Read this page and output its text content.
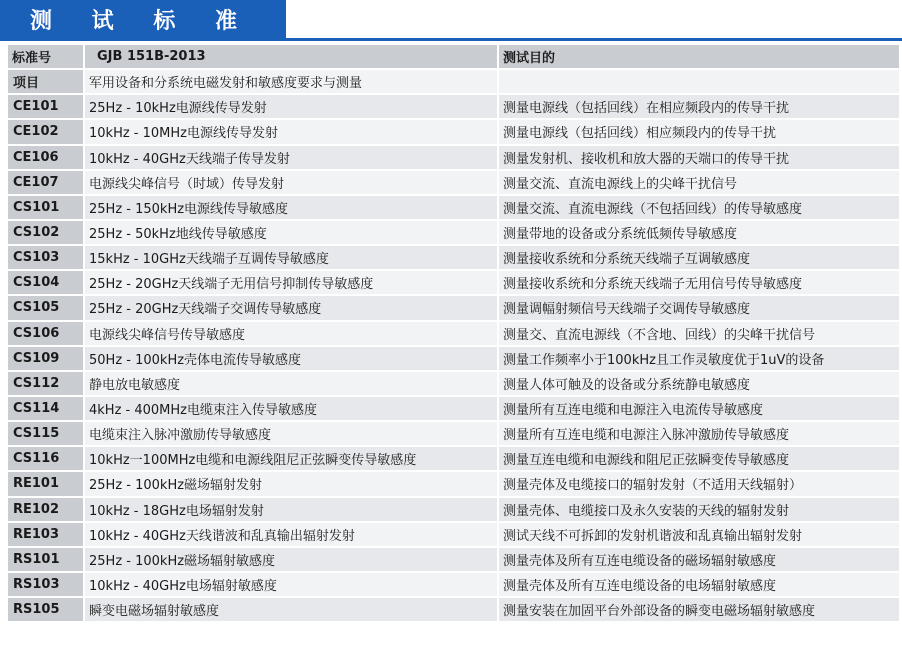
测 试 标 准
标准号	GJB 151B-2013	测试目的
项目	军用设备和分系统电磁发射和敏感度要求与测量	
CE101	25Hz - 10kHz电源线传导发射	测量电源线（包括回线）在相应频段内的传导干扰
CE102	10kHz - 10MHz电源线传导发射	测量电源线（包括回线）相应频段内的传导干扰
CE106	10kHz - 40GHz天线端子传导发射	测量发射机、接收机和放大器的天端口的传导干扰
CE107	电源线尖峰信号（时域）传导发射	测量交流、直流电源线上的尖峰干扰信号
CS101	25Hz - 150kHz电源线传导敏感度	测量交流、直流电源线（不包括回线）的传导敏感度
CS102	25Hz - 50kHz地线传导敏感度	测量带地的设备或分系统低频传导敏感度
CS103	15kHz - 10GHz天线端子互调传导敏感度	测量接收系统和分系统天线端子互调敏感度
CS104	25Hz - 20GHz天线端子无用信号抑制传导敏感度	测量接收系统和分系统天线端子无用信号传导敏感度
CS105	25Hz - 20GHz天线端子交调传导敏感度	测量调幅射频信号天线端子交调传导敏感度
CS106	电源线尖峰信号传导敏感度	测量交、直流电源线（不含地、回线）的尖峰干扰信号
CS109	50Hz - 100kHz壳体电流传导敏感度	测量工作频率小于100kHz且工作灵敏度优于1uV的设备
CS112	静电放电敏感度	测量人体可触及的设备或分系统静电敏感度
CS114	4kHz - 400MHz电缆束注入传导敏感度	测量所有互连电缆和电源注入电流传导敏感度
CS115	电缆束注入脉冲激励传导敏感度	测量所有互连电缆和电源注入脉冲激励传导敏感度
CS116	10kHz一100MHz电缆和电源线阻尼正弦瞬变传导敏感度	测量互连电缆和电源线和阻尼正弦瞬变传导敏感度
RE101	25Hz - 100kHz磁场辐射发射	测量壳体及电缆接口的辐射发射（不适用天线辐射）
RE102	10kHz - 18GHz电场辐射发射	测量壳体、电缆接口及永久安装的天线的辐射发射
RE103	10kHz - 40GHz天线谐波和乱真输出辐射发射	测试天线不可拆卸的发射机谐波和乱真输出辐射发射
RS101	25Hz - 100kHz磁场辐射敏感度	测量壳体及所有互连电缆设备的磁场辐射敏感度
RS103	10kHz - 40GHz电场辐射敏感度	测量壳体及所有互连电缆设备的电场辐射敏感度
RS105	瞬变电磁场辐射敏感度	测量安装在加固平台外部设备的瞬变电磁场辐射敏感度
